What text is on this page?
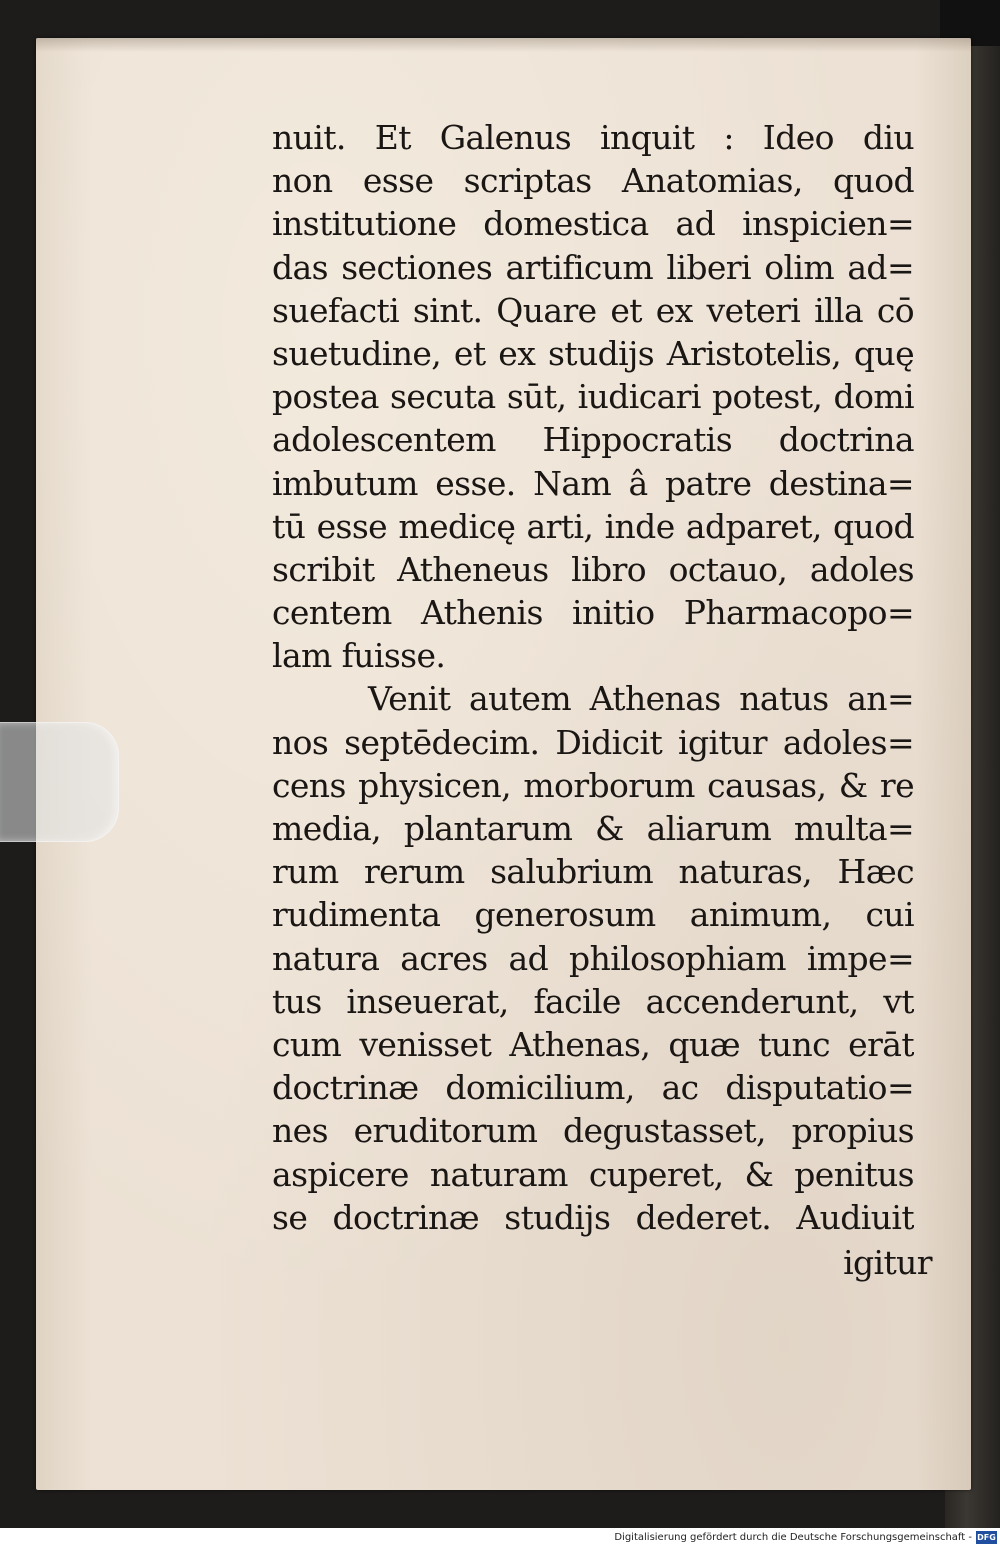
nuit. Et Galenus inquit : Ideo diu
non esse scriptas Anatomias, quod
institutione domestica ad inspicien=
das sectiones artificum liberi olim ad=
suefacti sint. Quare et ex veteri illa cō
suetudine, et ex studijs Aristotelis, quę
postea secuta sūt, iudicari potest, domi
adolescentem Hippocratis doctrina
imbutum esse. Nam â patre destina=
tū esse medicę arti, inde adparet, quod
scribit Atheneus libro octauo, adoles
centem Athenis initio Pharmacopo=
lam fuisse.
Venit autem Athenas natus an=
nos septēdecim. Didicit igitur adoles=
cens physicen, morborum causas, & re
media, plantarum & aliarum multa=
rum rerum salubrium naturas, Hæc
rudimenta generosum animum, cui
natura acres ad philosophiam impe=
tus inseuerat, facile accenderunt, vt
cum venisset Athenas, quæ tunc erāt
doctrinæ domicilium, ac disputatio=
nes eruditorum degustasset, propius
aspicere naturam cuperet, & penitus
se doctrinæ studijs dederet. Audiuit
igitur
Digitalisierung gefördert durch die Deutsche Forschungsgemeinschaft - DFG
